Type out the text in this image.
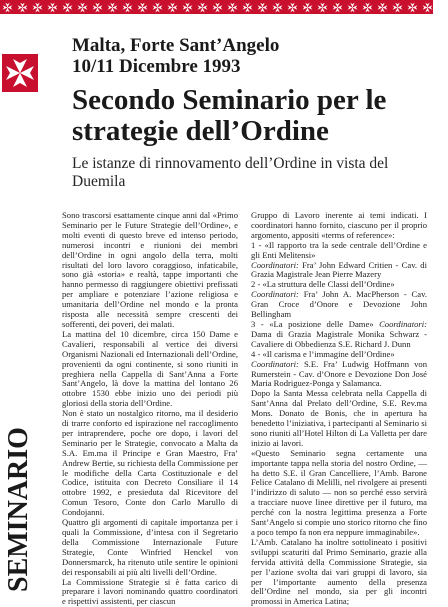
SEMINARIO
Malta, Forte Sant’Angelo
10/11 Dicembre 1993
Secondo Seminario per le
strategie dell’Ordine
Le istanze di rinnovamento dell’Ordine in vista del Duemila

Sono trascorsi esattamente cinque anni dal «Primo Seminario per le Future Strategie dell’Ordine», e molti eventi di questo breve ed intenso periodo, numerosi incontri e riunioni dei membri dell’Ordine in ogni angolo della terra, molti risultati del loro lavoro coraggioso, infaticabile, sono già «storia» e realtà, tappe importanti che hanno permesso di raggiungere obiettivi prefissati per ampliare e potenziare l’azione religiosa e umanitaria dell’Ordine nel mondo e la pronta risposta alle necessità sempre crescenti dei sofferenti, dei poveri, dei malati.

La mattina del 10 dicembre, circa 150 Dame e Cavalieri, responsabili al vertice dei diversi Organismi Nazionali ed Internazionali dell’Ordine, provenienti da ogni continente, si sono riuniti in preghiera nella Cappella di Sant’Anna a Forte Sant’Angelo, là dove la mattina del lontano 26 ottobre 1530 ebbe inizio uno dei periodi più gloriosi della storia dell’Ordine.

Non è stato un nostalgico ritorno, ma il desiderio di trarre conforto ed ispirazione nel raccoglimento per intraprendere, poche ore dopo, i lavori del Seminario per le Strategie, convocato a Malta da S.A. Em.ma il Principe e Gran Maestro, Fra’ Andrew Bertie, su richiesta della Commissione per le modifiche della Carta Costituzionale e del Codice, istituita con Decreto Consiliare il 14 ottobre 1992, e presieduta dal Ricevitore del Comun Tesoro, Conte don Carlo Marullo di Condojanni.

Quattro gli argomenti di capitale importanza per i quali la Commissione, d’intesa con il Segretario della Commissione Internazionale Future Strategie, Conte Winfried Henckel von Donnersmarck, ha ritenuto utile sentire le opinioni dei responsabili ai più alti livelli dell’Ordine.

La Commissione Strategie si è fatta carico di preparare i lavori nominando quattro coordinatori e rispettivi assistenti, per ciascun

Gruppo di Lavoro inerente ai temi indicati. I coordinatori hanno fornito, ciascuno per il proprio argomento, appositi «terms of reference»:

1 - «Il rapporto tra la sede centrale dell’Ordine e gli Enti Melitensi»

Coordinatori: Fra’ John Edward Critien - Cav. di Grazia Magistrale Jean Pierre Mazery

2 - «La struttura delle Classi dell’Ordine»

Coordinatori: Fra’ John A. MacPherson - Cav. Gran Croce d’Onore e Devozione John Bellingham

3 - «La posizione delle Dame» Coordinatori: Dama di Grazia Magistrale Monika Schwarz - Cavaliere di Obbedienza S.E. Richard J. Dunn

4 - «Il carisma e l’immagine dell’Ordine»

Coordinatori: S.E. Fra’ Ludwig Hoffmann von Rumerstein - Cav. d’Onore e Devozione Don José Maria Rodriguez-Ponga y Salamanca.

Dopo la Santa Messa celebrata nella Cappella di Sant’Anna dal Prelato dell’Ordine, S.E. Rev.ma Mons. Donato de Bonis, che in apertura ha benedetto l’iniziativa, i partecipanti al Seminario si sono riuniti all’Hotel Hilton di La Valletta per dare inizio ai lavori.

«Questo Seminario segna certamente una importante tappa nella storia del nostro Ordine, — ha detto S.E. il Gran Cancelliere, l’Amb. Barone Felice Catalano di Melilli, nel rivolgere ai presenti l’indirizzo di saluto — non so perché esso servirà a tracciare nuove linee direttive per il futuro, ma perché con la nostra legittima presenza a Forte Sant’Angelo si compie uno storico ritorno che fino a poco tempo fa non era neppure immaginabile».

L’Amb. Catalano ha inoltre sottolineato i positivi sviluppi scaturiti dal Primo Seminario, grazie alla fervida attività della Commissione Strategie, sia per l’azione svolta dai vari gruppi di lavoro, sia per l’importante aumento della presenza dell’Ordine nel mondo, sia per gli incontri promossi in America Latina;
